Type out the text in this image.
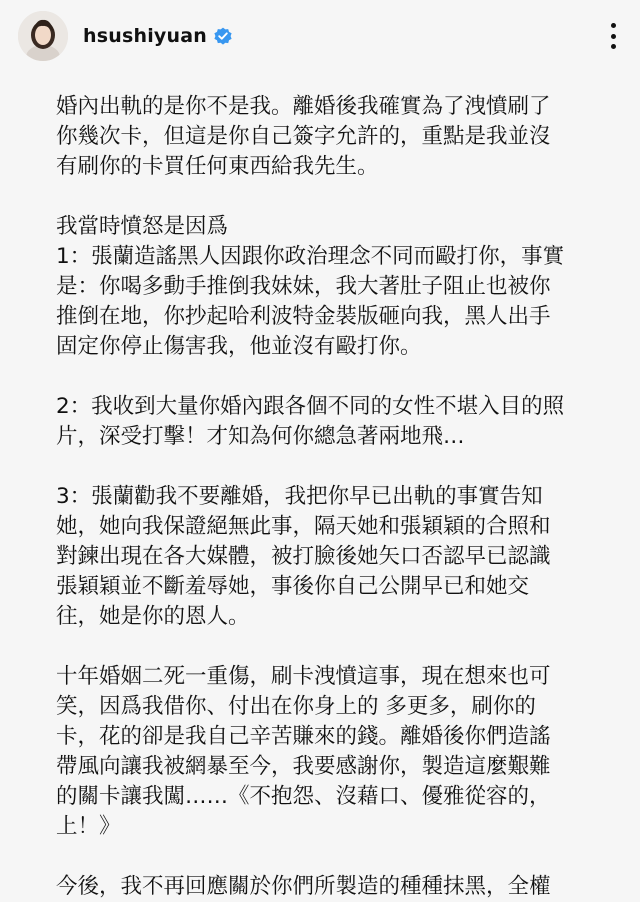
hsushiyuan
婚內出軌的是你不是我。離婚後我確實為了洩憤刷了
你幾次卡，但這是你自己簽字允許的，重點是我並沒
有刷你的卡買任何東西給我先生。
我當時憤怒是因爲
1：張蘭造謠黑人因跟你政治理念不同而毆打你，事實
是：你喝多動手推倒我妹妹，我大著肚子阻止也被你
推倒在地，你抄起哈利波特金裝版砸向我，黑人出手
固定你停止傷害我，他並沒有毆打你。
2：我收到大量你婚內跟各個不同的女性不堪入目的照
片，深受打擊！才知為何你總急著兩地飛…
3：張蘭勸我不要離婚，我把你早已出軌的事實告知
她，她向我保證絕無此事，隔天她和張穎穎的合照和
對鍊出現在各大媒體，被打臉後她矢口否認早已認識
張穎穎並不斷羞辱她，事後你自己公開早已和她交
往，她是你的恩人。
十年婚姻二死一重傷，刷卡洩憤這事，現在想來也可
笑，因爲我借你、付出在你身上的 多更多，刷你的
卡，花的卻是我自己辛苦賺來的錢。離婚後你們造謠
帶風向讓我被網暴至今，我要感謝你，製造這麼艱難
的關卡讓我闖……《不抱怨、沒藉口、優雅從容的，
上！》
今後，我不再回應關於你們所製造的種種抹黑，全權
